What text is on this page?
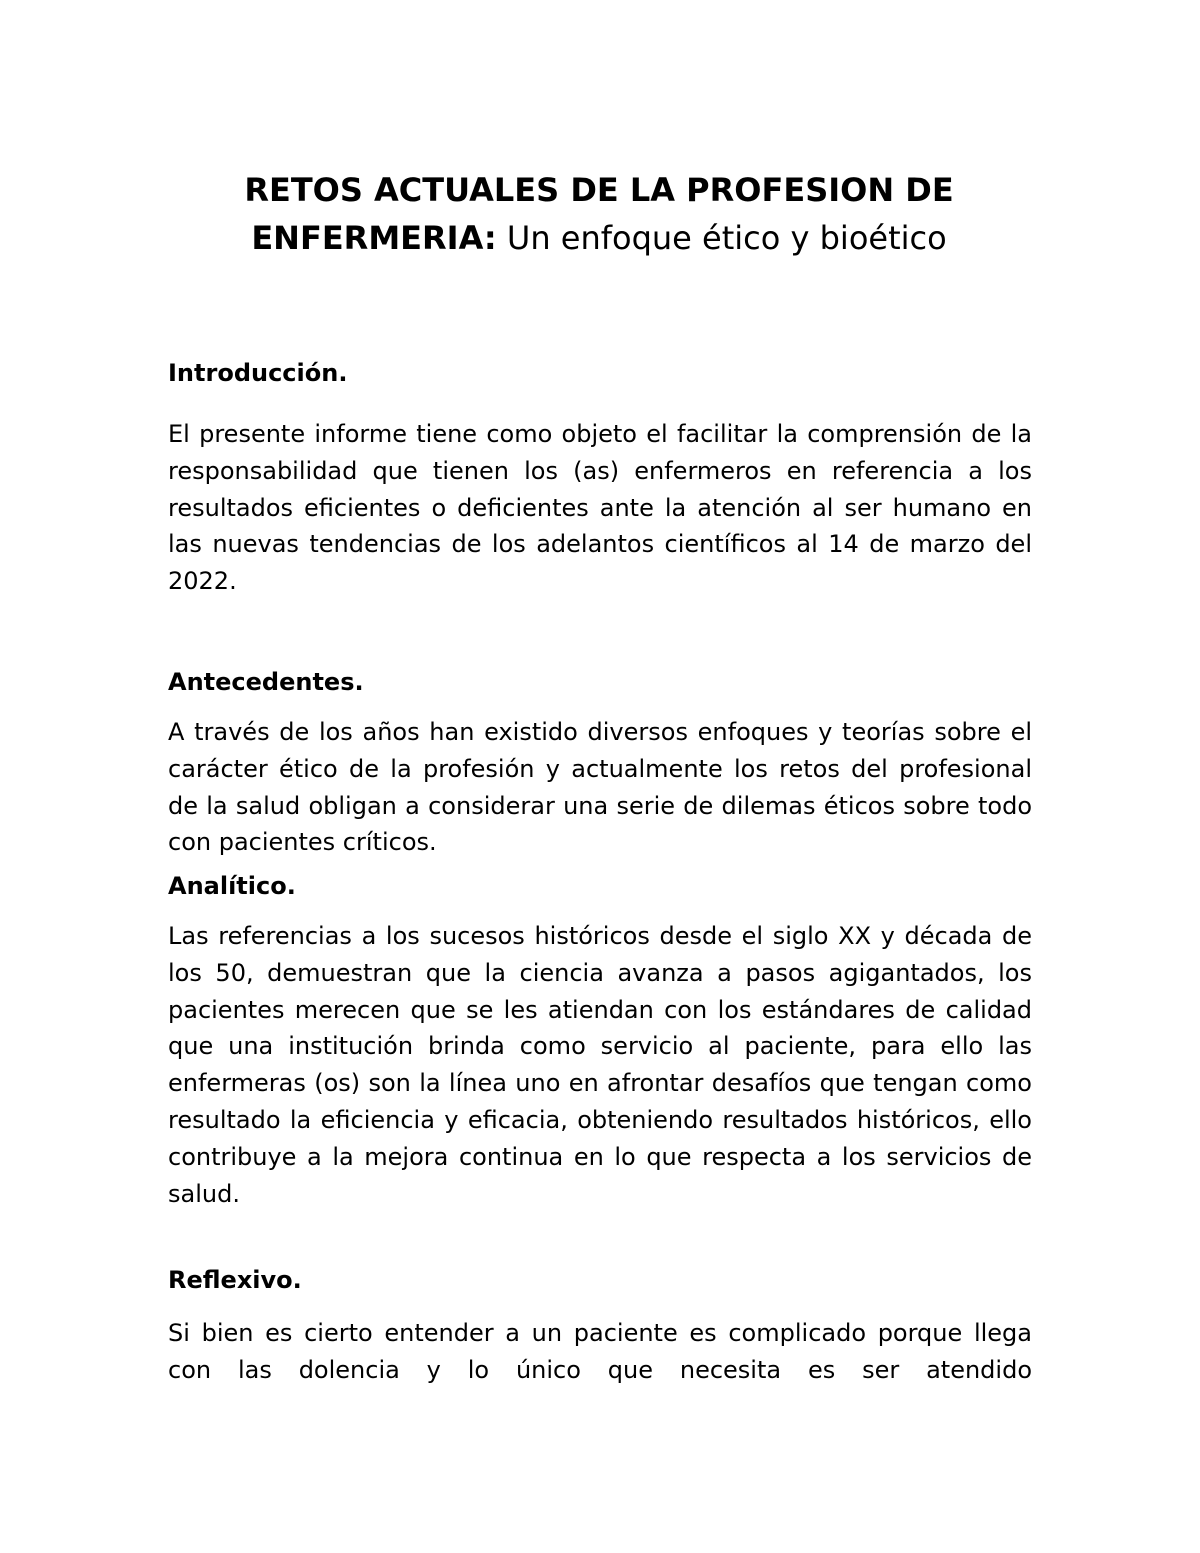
RETOS ACTUALES DE LA PROFESION DE ENFERMERIA: Un enfoque ético y bioético
Introducción.

El presente informe tiene como objeto el facilitar la comprensión de la responsabilidad que tienen los (as) enfermeros en referencia a los resultados eficientes o deficientes ante la atención al ser humano en las nuevas tendencias de los adelantos científicos al 14 de marzo del 2022.

Antecedentes.

A través de los años han existido diversos enfoques y teorías sobre el carácter ético de la profesión y actualmente los retos del profesional de la salud obligan a considerar una serie de dilemas éticos sobre todo con pacientes críticos.

Analítico.

Las referencias a los sucesos históricos desde el siglo XX y década de los 50, demuestran que la ciencia avanza a pasos agigantados, los pacientes merecen que se les atiendan con los estándares de calidad que una institución brinda como servicio al paciente, para ello las enfermeras (os) son la línea uno en afrontar desafíos que tengan como resultado la eficiencia y eficacia, obteniendo resultados históricos, ello contribuye a la mejora continua en lo que respecta a los servicios de salud.

Reflexivo.

Si bien es cierto entender a un paciente es complicado porque llega con las dolencia y lo único que necesita es ser atendido
